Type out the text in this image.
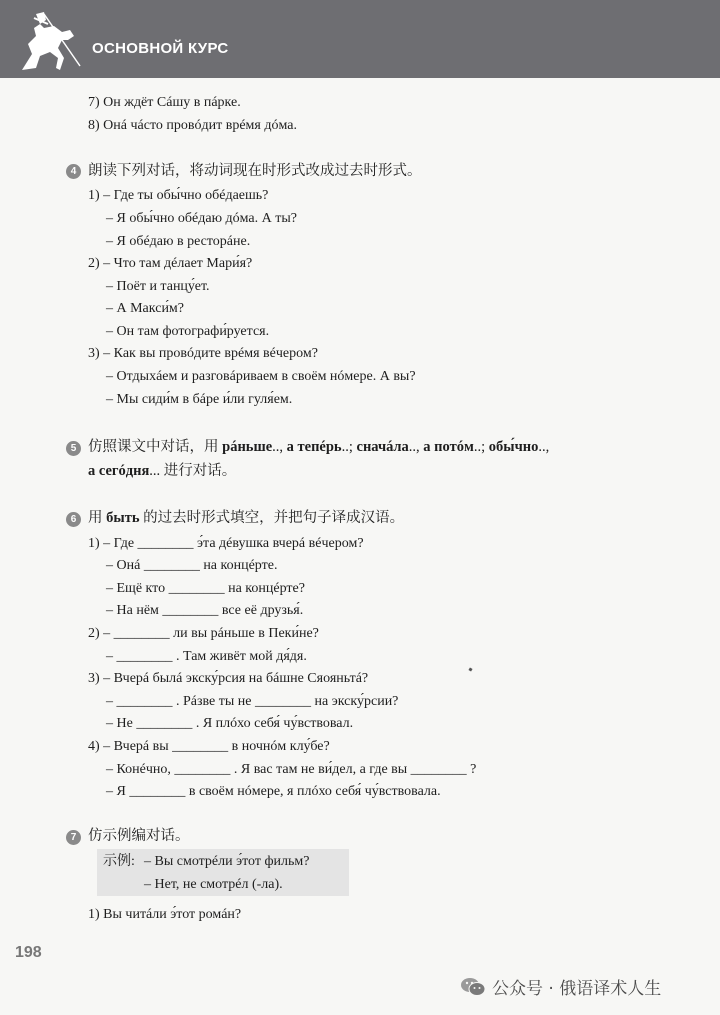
ОСНОВНОЙ КУРС
7) Он ждёт Сáшу в пáрке.
8) Онá чáсто провóдит врéмя дóма.
4 朗读下列对话，将动词现在时形式改成过去时形式。
1) – Где ты обы́чно обéдаешь?
– Я обы́чно обéдаю дóма. А ты?
– Я обéдаю в ресторáне.
2) – Что там дéлает Мари́я?
– Поёт и танцу́ет.
– А Макси́м?
– Он там фотографи́руется.
3) – Как вы провóдите врéмя вéчером?
– Отдыхáем и разговáриваем в своём нóмере. А вы?
– Мы сиди́м в бáре и́ли гуля́ем.
5 仿照课文中对话，用 рáньше.., а тепéрь..; сначáла.., а потóм..; обы́чно..,
а сегóдня... 进行对话。
6 用 быть 的过去时形式填空，并把句子译成汉语。
1) – Где ________ э́та дéвушка вчерá вéчером?
– Онá ________ на концéрте.
– Ещё кто ________ на концéрте?
– На нём ________ все её друзья́.
2) – ________ ли вы рáньше в Пеки́не?
– ________ . Там живёт мой дя́дя.
3) – Вчерá былá экску́рсия на бáшне Сяояньтá?
– ________ . Рáзве ты не ________ на экску́рсии?
– Не ________ . Я плóхо себя́ чу́вствовал.
4) – Вчерá вы ________ в ночнóм клу́бе?
– Конéчно, ________ . Я вас там не ви́дел, а где вы ________ ?
– Я ________ в своём нóмере, я плóхо себя́ чу́вствовала.
7 仿示例编对话。
示例: – Вы смотрéли э́тот фильм?
– Нет, не смотрéл (-ла).
1) Вы читáли э́тот ромáн?
198
公众号 · 俄语译术人生
